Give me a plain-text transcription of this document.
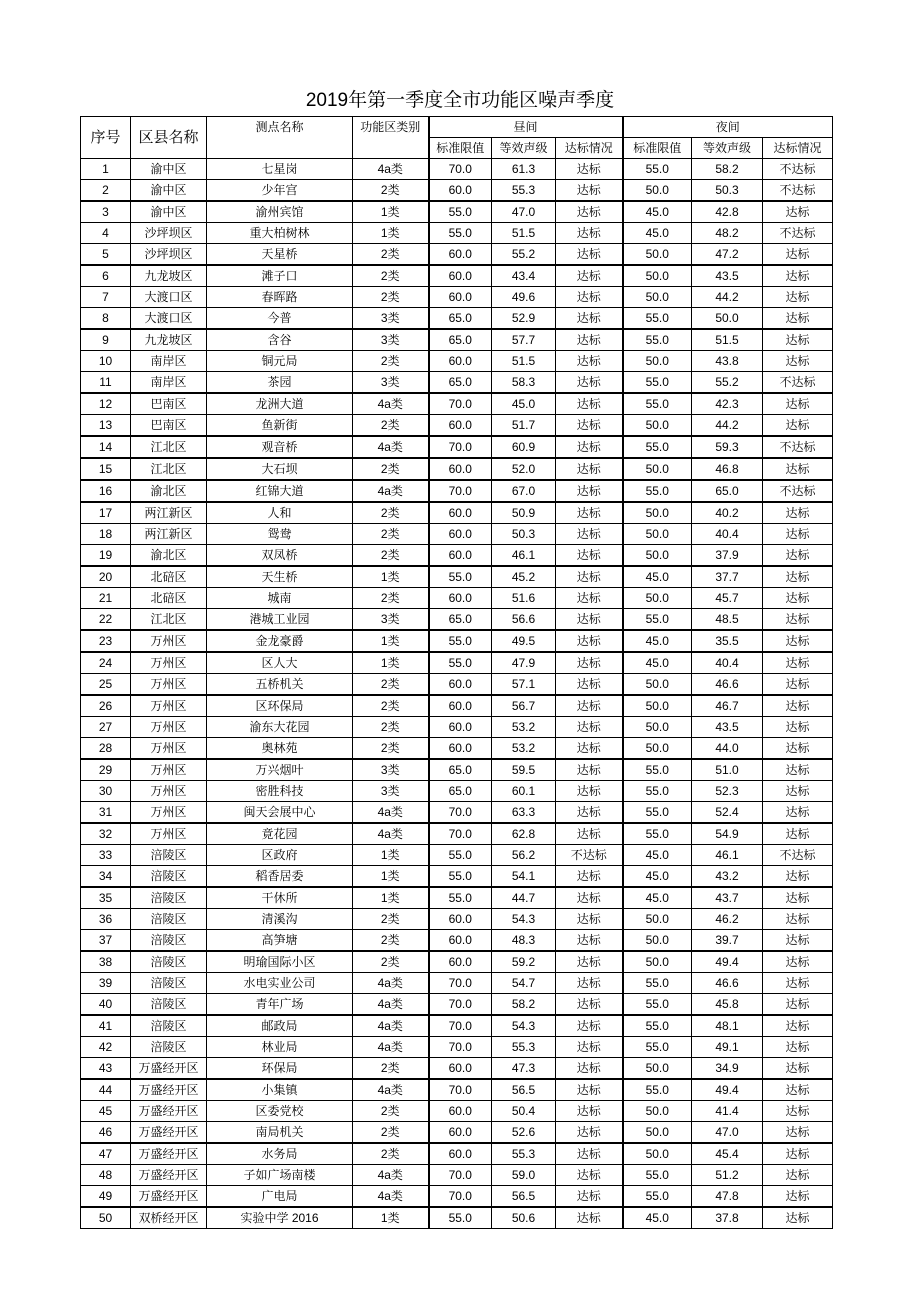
2019年第一季度全市功能区噪声季度
序号	区县名称	测点名称	功能区类别	昼间			夜间		
				标准限值	等效声级	达标情况	标准限值	等效声级	达标情况
1	渝中区	七星岗	4a类	70.0	61.3	达标	55.0	58.2	不达标
2	渝中区	少年宫	2类	60.0	55.3	达标	50.0	50.3	不达标
3	渝中区	渝州宾馆	1类	55.0	47.0	达标	45.0	42.8	达标
4	沙坪坝区	重大柏树林	1类	55.0	51.5	达标	45.0	48.2	不达标
5	沙坪坝区	天星桥	2类	60.0	55.2	达标	50.0	47.2	达标
6	九龙坡区	滩子口	2类	60.0	43.4	达标	50.0	43.5	达标
7	大渡口区	春晖路	2类	60.0	49.6	达标	50.0	44.2	达标
8	大渡口区	今普	3类	65.0	52.9	达标	55.0	50.0	达标
9	九龙坡区	含谷	3类	65.0	57.7	达标	55.0	51.5	达标
10	南岸区	铜元局	2类	60.0	51.5	达标	50.0	43.8	达标
11	南岸区	茶园	3类	65.0	58.3	达标	55.0	55.2	不达标
12	巴南区	龙洲大道	4a类	70.0	45.0	达标	55.0	42.3	达标
13	巴南区	鱼新街	2类	60.0	51.7	达标	50.0	44.2	达标
14	江北区	观音桥	4a类	70.0	60.9	达标	55.0	59.3	不达标
15	江北区	大石坝	2类	60.0	52.0	达标	50.0	46.8	达标
16	渝北区	红锦大道	4a类	70.0	67.0	达标	55.0	65.0	不达标
17	两江新区	人和	2类	60.0	50.9	达标	50.0	40.2	达标
18	两江新区	鸳鸯	2类	60.0	50.3	达标	50.0	40.4	达标
19	渝北区	双凤桥	2类	60.0	46.1	达标	50.0	37.9	达标
20	北碚区	天生桥	1类	55.0	45.2	达标	45.0	37.7	达标
21	北碚区	城南	2类	60.0	51.6	达标	50.0	45.7	达标
22	江北区	港城工业园	3类	65.0	56.6	达标	55.0	48.5	达标
23	万州区	金龙豪爵	1类	55.0	49.5	达标	45.0	35.5	达标
24	万州区	区人大	1类	55.0	47.9	达标	45.0	40.4	达标
25	万州区	五桥机关	2类	60.0	57.1	达标	50.0	46.6	达标
26	万州区	区环保局	2类	60.0	56.7	达标	50.0	46.7	达标
27	万州区	渝东大花园	2类	60.0	53.2	达标	50.0	43.5	达标
28	万州区	奥林苑	2类	60.0	53.2	达标	50.0	44.0	达标
29	万州区	万兴烟叶	3类	65.0	59.5	达标	55.0	51.0	达标
30	万州区	密胜科技	3类	65.0	60.1	达标	55.0	52.3	达标
31	万州区	闽天会展中心	4a类	70.0	63.3	达标	55.0	52.4	达标
32	万州区	竟花园	4a类	70.0	62.8	达标	55.0	54.9	达标
33	涪陵区	区政府	1类	55.0	56.2	不达标	45.0	46.1	不达标
34	涪陵区	稻香居委	1类	55.0	54.1	达标	45.0	43.2	达标
35	涪陵区	干休所	1类	55.0	44.7	达标	45.0	43.7	达标
36	涪陵区	清溪沟	2类	60.0	54.3	达标	50.0	46.2	达标
37	涪陵区	高笋塘	2类	60.0	48.3	达标	50.0	39.7	达标
38	涪陵区	明瑜国际小区	2类	60.0	59.2	达标	50.0	49.4	达标
39	涪陵区	水电实业公司	4a类	70.0	54.7	达标	55.0	46.6	达标
40	涪陵区	青年广场	4a类	70.0	58.2	达标	55.0	45.8	达标
41	涪陵区	邮政局	4a类	70.0	54.3	达标	55.0	48.1	达标
42	涪陵区	林业局	4a类	70.0	55.3	达标	55.0	49.1	达标
43	万盛经开区	环保局	2类	60.0	47.3	达标	50.0	34.9	达标
44	万盛经开区	小集镇	4a类	70.0	56.5	达标	55.0	49.4	达标
45	万盛经开区	区委党校	2类	60.0	50.4	达标	50.0	41.4	达标
46	万盛经开区	南局机关	2类	60.0	52.6	达标	50.0	47.0	达标
47	万盛经开区	水务局	2类	60.0	55.3	达标	50.0	45.4	达标
48	万盛经开区	子如广场南楼	4a类	70.0	59.0	达标	55.0	51.2	达标
49	万盛经开区	广电局	4a类	70.0	56.5	达标	55.0	47.8	达标
50	双桥经开区	实验中学 2016	1类	55.0	50.6	达标	45.0	37.8	达标
